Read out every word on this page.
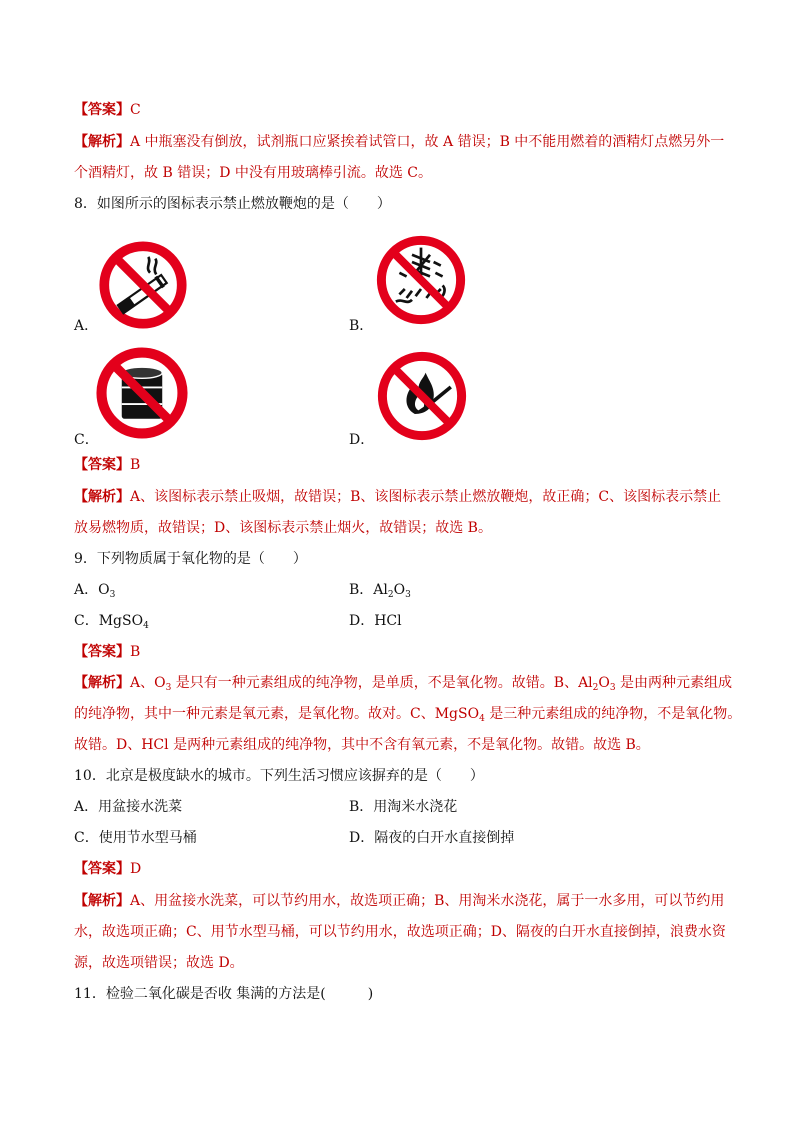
【答案】C
【解析】A 中瓶塞没有倒放，试剂瓶口应紧挨着试管口，故 A 错误；B 中不能用燃着的酒精灯点燃另外一
个酒精灯，故 B 错误；D 中没有用玻璃棒引流。故选 C。
8．如图所示的图标表示禁止燃放鞭炮的是（　　）
A．	B．
C．	D．
【答案】B
【解析】A、该图标表示禁止吸烟，故错误；B、该图标表示禁止燃放鞭炮，故正确；C、该图标表示禁止
放易燃物质，故错误；D、该图标表示禁止烟火，故错误；故选 B。
9．下列物质属于氧化物的是（　　）
A．$O_3$	B．$Al_2O_3$
C．MgSO$_4$	D．HCl
【答案】B
【解析】A、$O_3$ 是只有一种元素组成的纯净物，是单质，不是氧化物。故错。B、$Al_2O_3$ 是由两种元素组成
的纯净物，其中一种元素是氧元素，是氧化物。故对。C、MgSO$_4$ 是三种元素组成的纯净物，不是氧化物。
故错。D、HCl 是两种元素组成的纯净物，其中不含有氧元素，不是氧化物。故错。故选 B。
10．北京是极度缺水的城市。下列生活习惯应该摒弃的是（　　）
A．用盆接水洗菜	B．用淘米水浇花
C．使用节水型马桶	D．隔夜的白开水直接倒掉
【答案】D
【解析】A、用盆接水洗菜，可以节约用水，故选项正确；B、用淘米水浇花，属于一水多用，可以节约用
水，故选项正确；C、用节水型马桶，可以节约用水，故选项正确；D、隔夜的白开水直接倒掉，浪费水资
源，故选项错误；故选 D。
11．检验二氧化碳是否收 集满的方法是(　　　)
